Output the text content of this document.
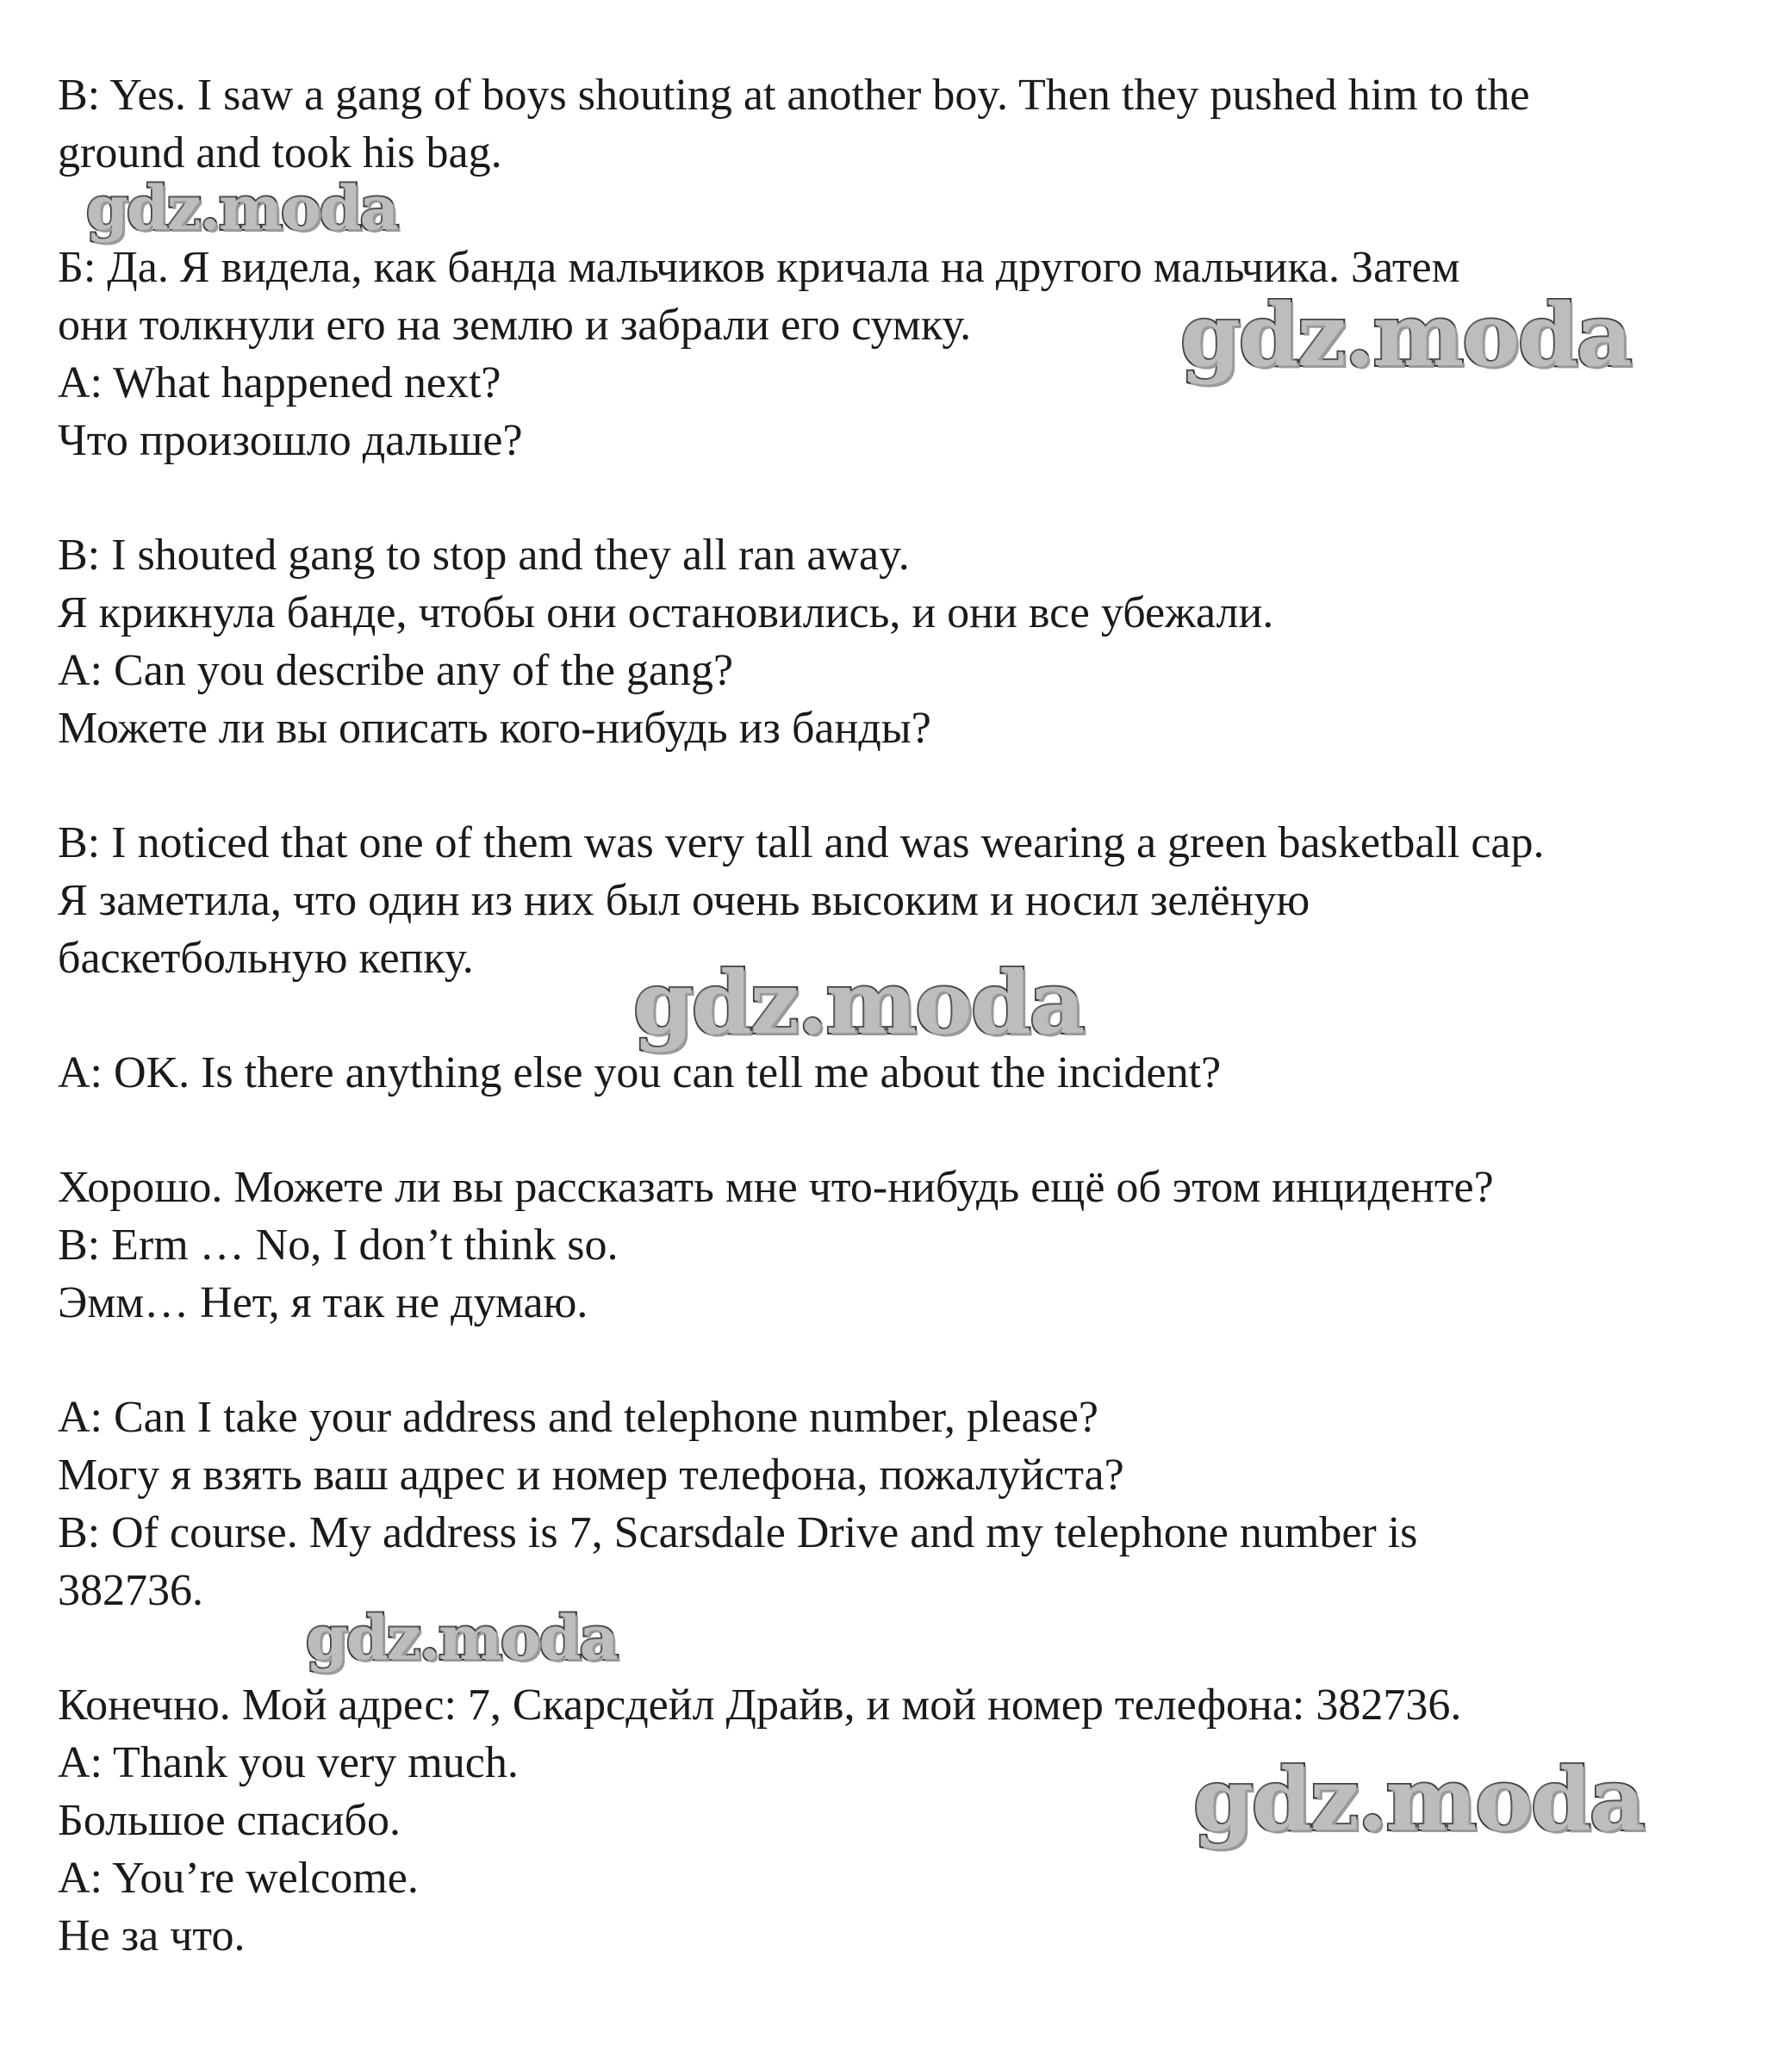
B: Yes. I saw a gang of boys shouting at another boy. Then they pushed him to the

ground and took his bag.

Б: Да. Я видела, как банда мальчиков кричала на другого мальчика. Затем

они толкнули его на землю и забрали его сумку.

A: What happened next?

Что произошло дальше?

B: I shouted gang to stop and they all ran away.

Я крикнула банде, чтобы они остановились, и они все убежали.

A: Can you describe any of the gang?

Можете ли вы описать кого-нибудь из банды?

B: I noticed that one of them was very tall and was wearing a green basketball cap.

Я заметила, что один из них был очень высоким и носил зелёную

баскетбольную кепку.

A: OK. Is there anything else you can tell me about the incident?

Хорошо. Можете ли вы рассказать мне что-нибудь ещё об этом инциденте?

B: Erm … No, I don’t think so.

Эмм… Нет, я так не думаю.

A: Can I take your address and telephone number, please?

Могу я взять ваш адрес и номер телефона, пожалуйста?

B: Of course. My address is 7, Scarsdale Drive and my telephone number is

382736.

Конечно. Мой адрес: 7, Скарсдейл Драйв, и мой номер телефона: 382736.

A: Thank you very much.

Большое спасибо.

A: You’re welcome.

Не за что.

gdz.moda
gdz.moda
gdz.moda
gdz.moda
gdz.moda
